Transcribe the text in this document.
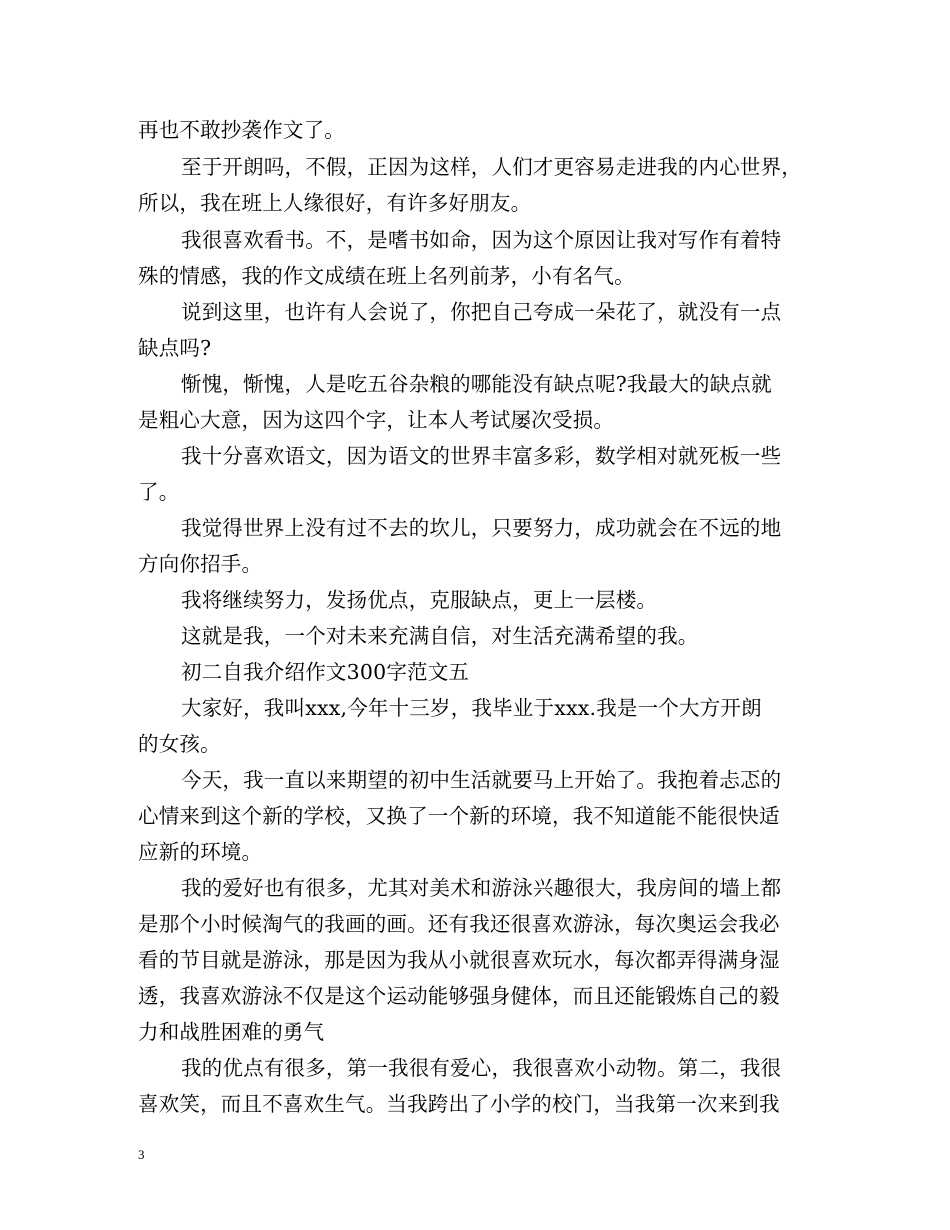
再也不敢抄袭作文了。
至于开朗吗，不假，正因为这样，人们才更容易走进我的内心世界，
所以，我在班上人缘很好，有许多好朋友。
我很喜欢看书。不，是嗜书如命，因为这个原因让我对写作有着特
殊的情感，我的作文成绩在班上名列前茅，小有名气。
说到这里，也许有人会说了，你把自己夸成一朵花了，就没有一点
缺点吗?
惭愧，惭愧，人是吃五谷杂粮的哪能没有缺点呢?我最大的缺点就
是粗心大意，因为这四个字，让本人考试屡次受损。
我十分喜欢语文，因为语文的世界丰富多彩，数学相对就死板一些
了。
我觉得世界上没有过不去的坎儿，只要努力，成功就会在不远的地
方向你招手。
我将继续努力，发扬优点，克服缺点，更上一层楼。
这就是我，一个对未来充满自信，对生活充满希望的我。
初二自我介绍作文300字范文五
大家好，我叫xxx,今年十三岁，我毕业于xxx.我是一个大方开朗
的女孩。
今天，我一直以来期望的初中生活就要马上开始了。我抱着忐忑的
心情来到这个新的学校，又换了一个新的环境，我不知道能不能很快适
应新的环境。
我的爱好也有很多，尤其对美术和游泳兴趣很大，我房间的墙上都
是那个小时候淘气的我画的画。还有我还很喜欢游泳，每次奥运会我必
看的节目就是游泳，那是因为我从小就很喜欢玩水，每次都弄得满身湿
透，我喜欢游泳不仅是这个运动能够强身健体，而且还能锻炼自己的毅
力和战胜困难的勇气
我的优点有很多，第一我很有爱心，我很喜欢小动物。第二，我很
喜欢笑，而且不喜欢生气。当我跨出了小学的校门，当我第一次来到我
3
